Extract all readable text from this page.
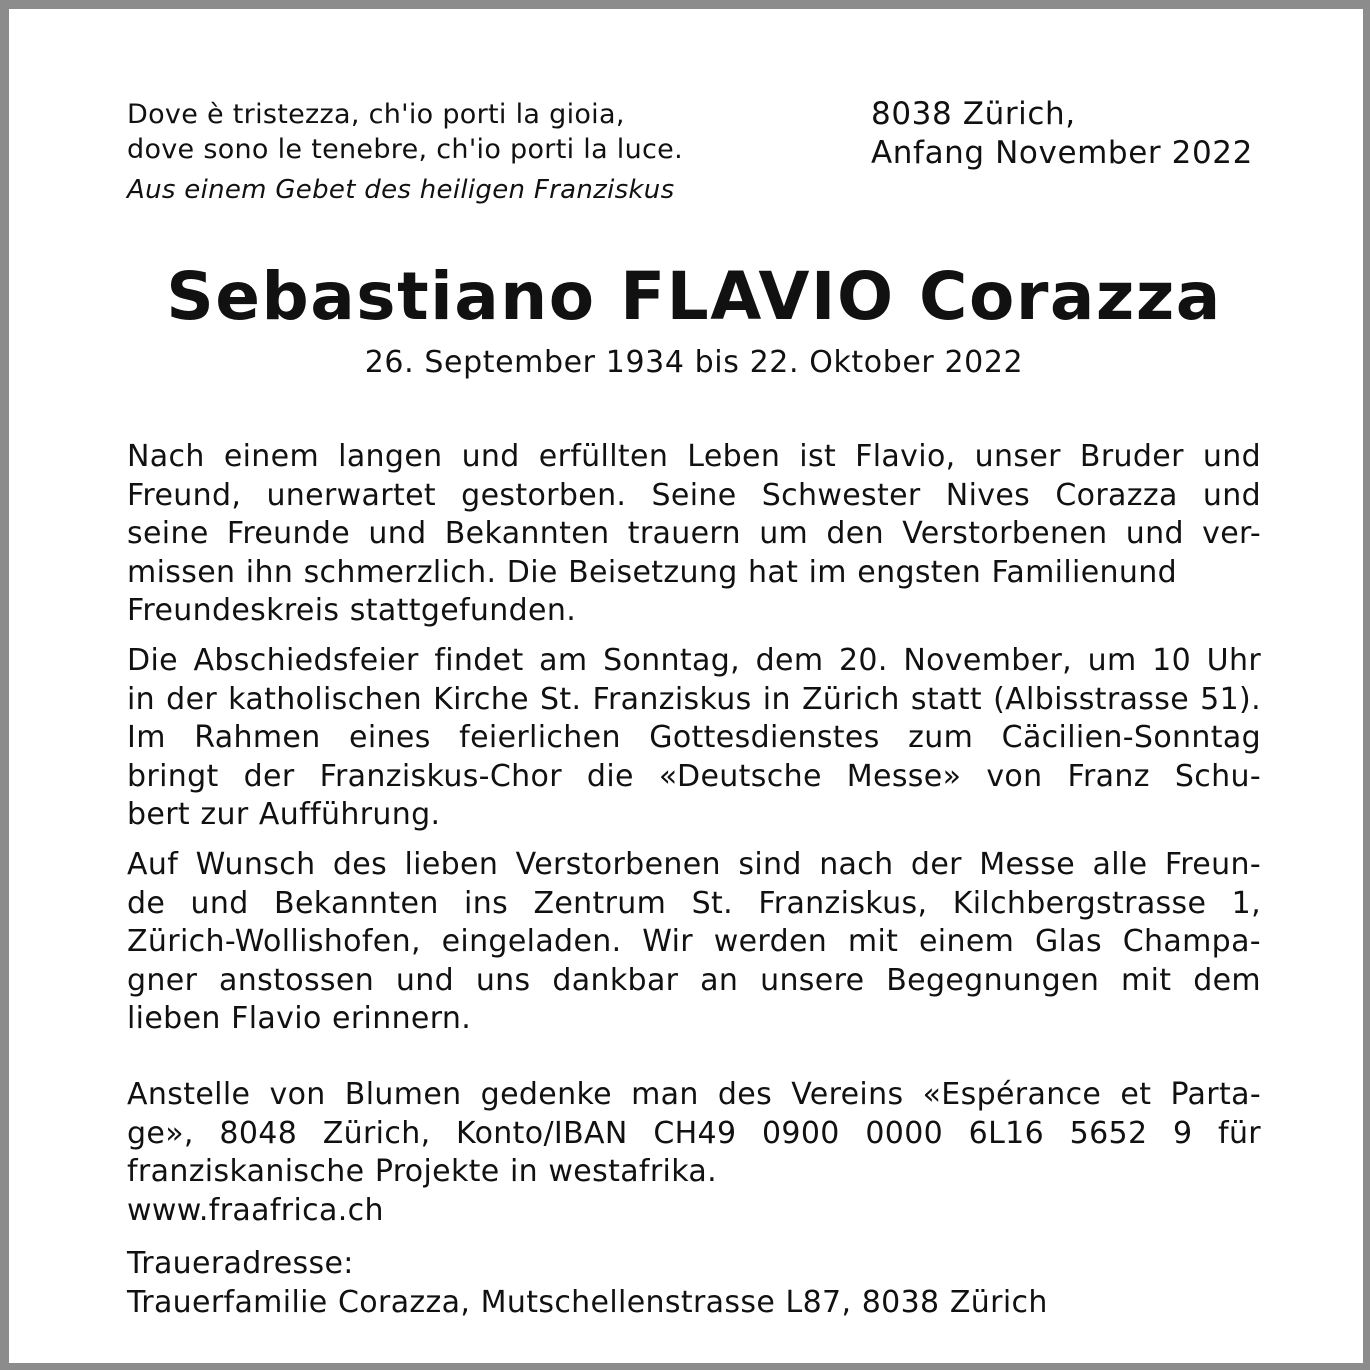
Dove è tristezza, ch'io porti la gioia,
dove sono le tenebre, ch'io porti la luce.
Aus einem Gebet des heiligen Franziskus
8038 Zürich,
Anfang November 2022
Sebastiano FLAVIO Corazza
26. September 1934 bis 22. Oktober 2022
Nach einem langen und erfüllten Leben ist Flavio, unser Bruder und
Freund, unerwartet gestorben. Seine Schwester Nives Corazza und
seine Freunde und Bekannten trauern um den Verstorbenen und ver-
missen ihn schmerzlich. Die Beisetzung hat im engsten Familienund
Freundeskreis stattgefunden.
Die Abschiedsfeier findet am Sonntag, dem 20. November, um 10 Uhr
in der katholischen Kirche St. Franziskus in Zürich statt (Albisstrasse 51).
Im Rahmen eines feierlichen Gottesdienstes zum Cäcilien-Sonntag
bringt der Franziskus-Chor die «Deutsche Messe» von Franz Schu-
bert zur Aufführung.
Auf Wunsch des lieben Verstorbenen sind nach der Messe alle Freun-
de und Bekannten ins Zentrum St. Franziskus, Kilchbergstrasse 1,
Zürich-Wollishofen, eingeladen. Wir werden mit einem Glas Champa-
gner anstossen und uns dankbar an unsere Begegnungen mit dem
lieben Flavio erinnern.
Anstelle von Blumen gedenke man des Vereins «Espérance et Parta-
ge», 8048 Zürich, Konto/IBAN CH49 0900 0000 6L16 5652 9 für
franziskanische Projekte in westafrika.
www.fraafrica.ch
Traueradresse:
Trauerfamilie Corazza, Mutschellenstrasse L87, 8038 Zürich
